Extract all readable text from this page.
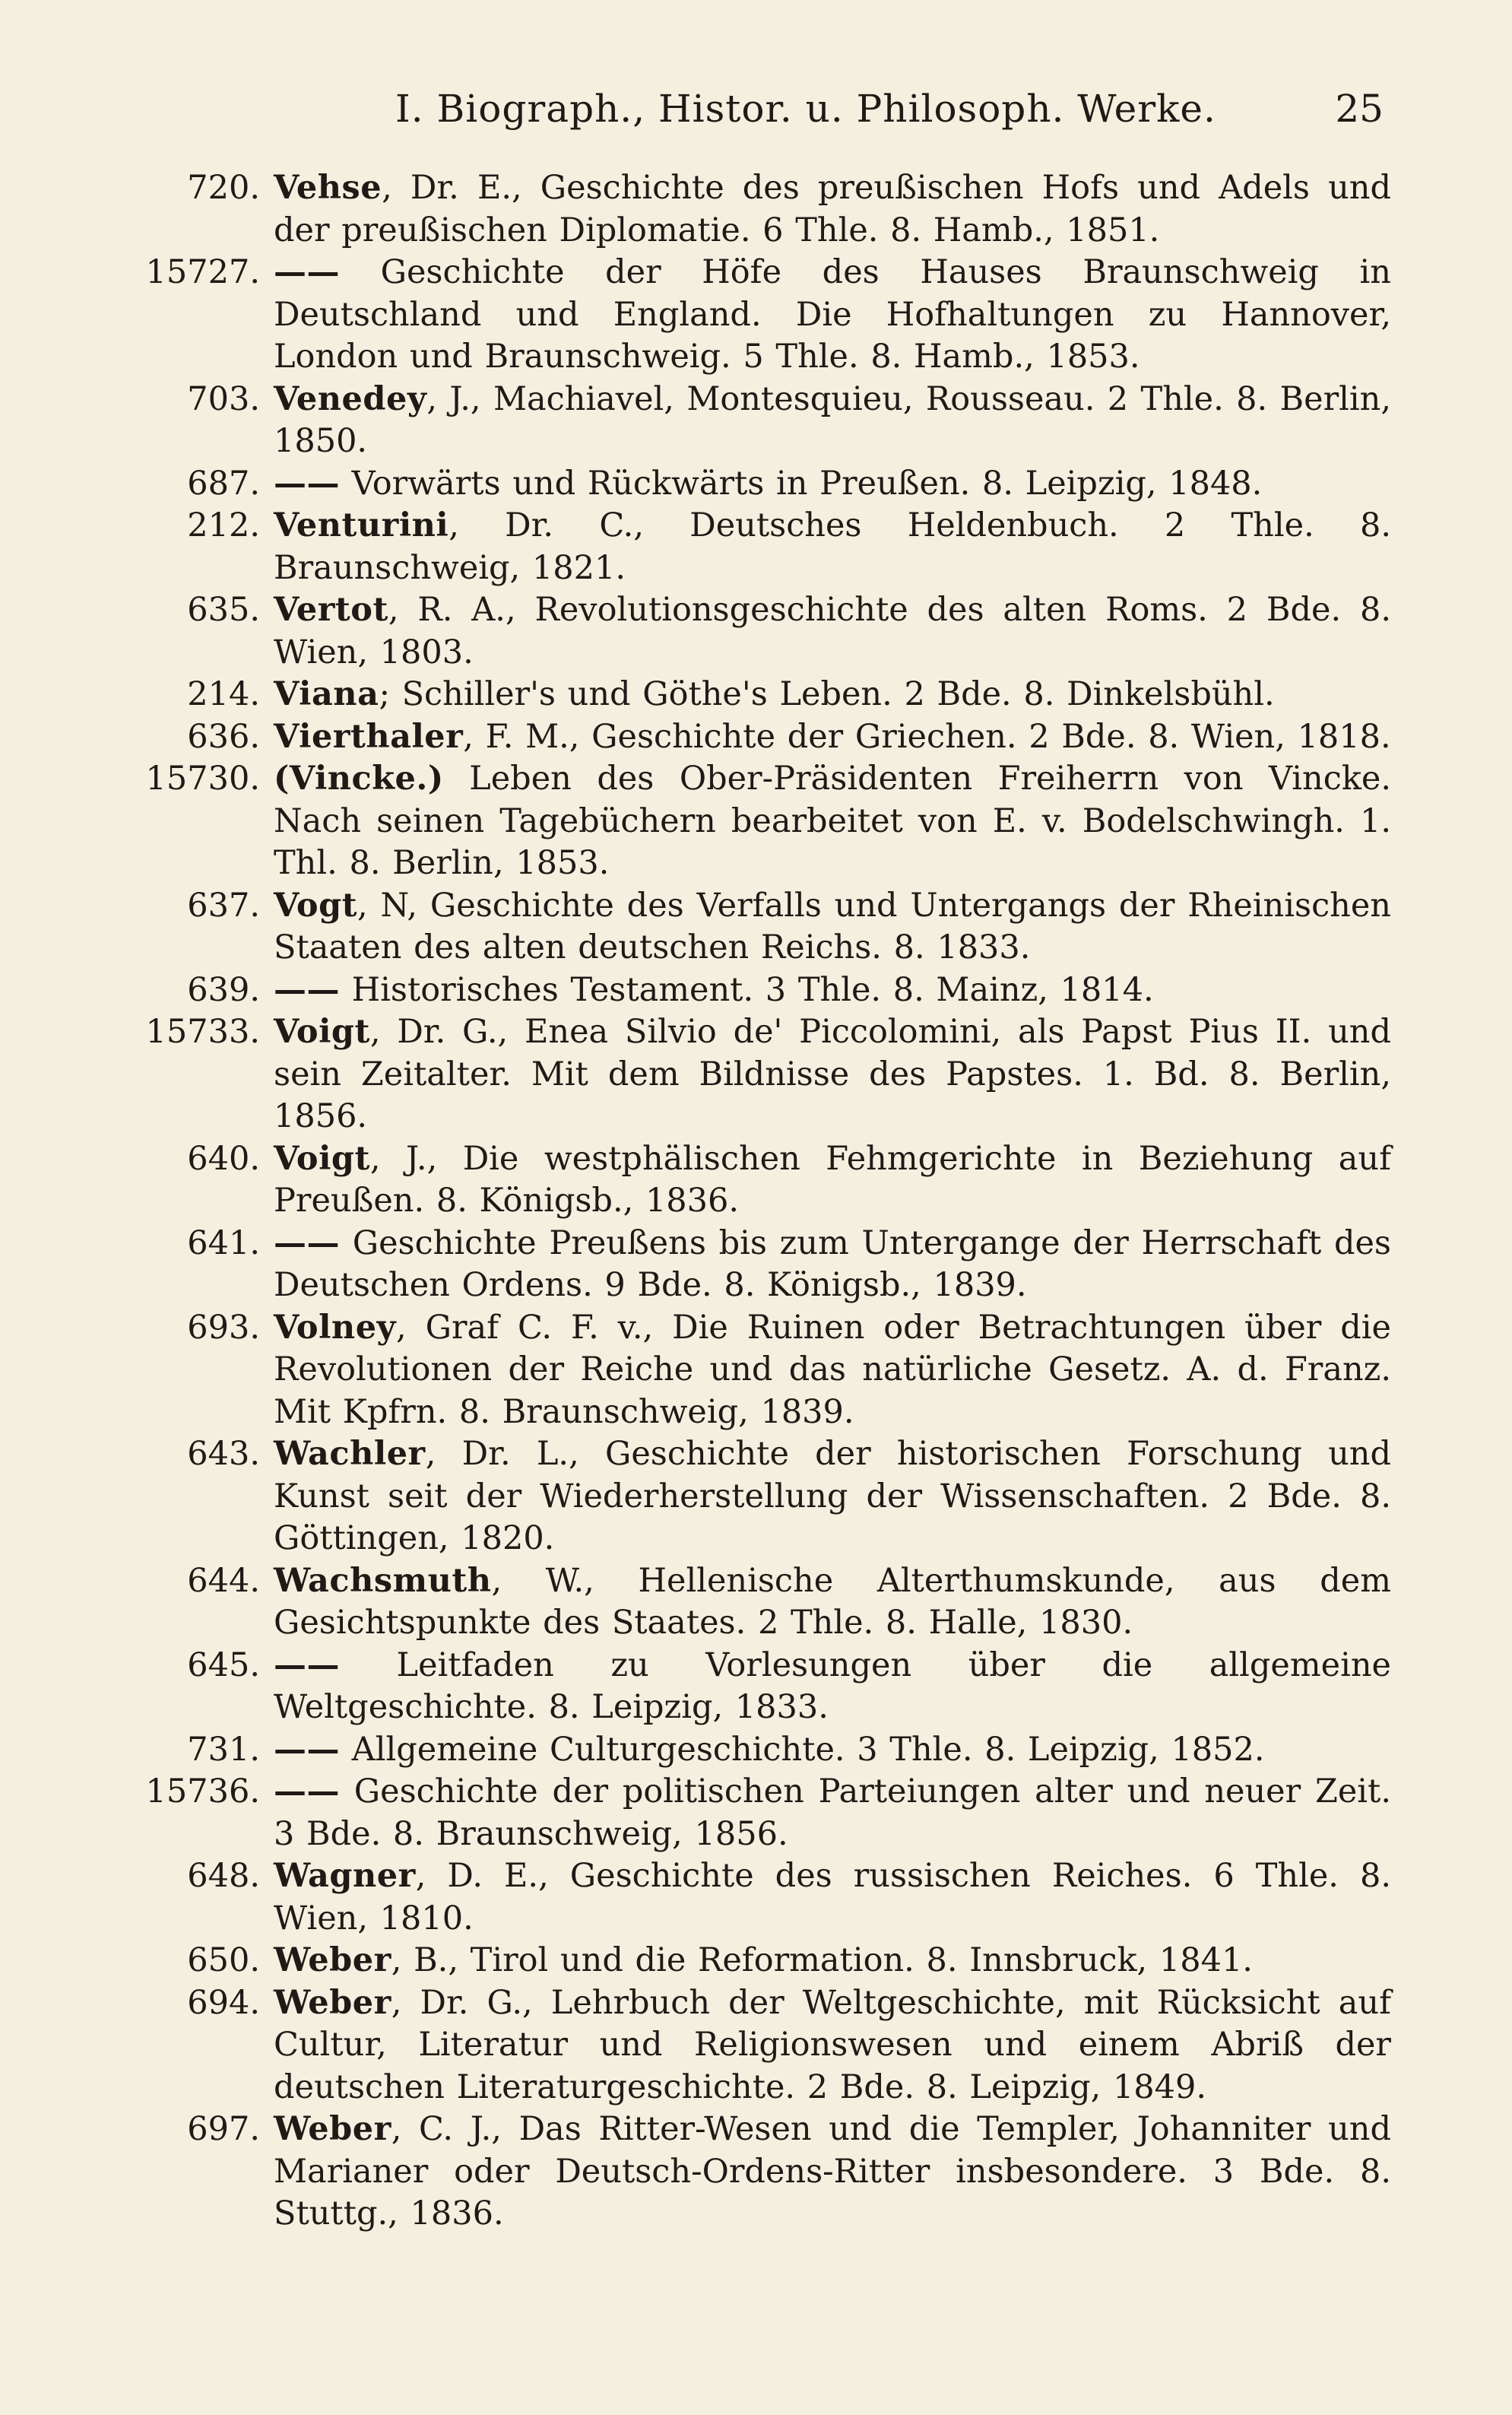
I. Biograph., Histor. u. Philosoph. Werke.	25
720. Vehse, Dr. E., Geschichte des preußischen Hofs und Adels und der preußischen Diplomatie. 6 Thle. 8. Hamb., 1851.
15727. —— Geschichte der Höfe des Hauses Braunschweig in Deutschland und England. Die Hofhaltungen zu Hannover, London und Braunschweig. 5 Thle. 8. Hamb., 1853.
703. Venedey, J., Machiavel, Montesquieu, Rousseau. 2 Thle. 8. Berlin, 1850.
687. —— Vorwärts und Rückwärts in Preußen. 8. Leipzig, 1848.
212. Venturini, Dr. C., Deutsches Heldenbuch. 2 Thle. 8. Braunschweig, 1821.
635. Vertot, R. A., Revolutionsgeschichte des alten Roms. 2 Bde. 8. Wien, 1803.
214. Viana; Schiller's und Göthe's Leben. 2 Bde. 8. Dinkelsbühl.
636. Vierthaler, F. M., Geschichte der Griechen. 2 Bde. 8. Wien, 1818.
15730. (Vincke.) Leben des Ober-Präsidenten Freiherrn von Vincke. Nach seinen Tagebüchern bearbeitet von E. v. Bodelschwingh. 1. Thl. 8. Berlin, 1853.
637. Vogt, N, Geschichte des Verfalls und Untergangs der Rheinischen Staaten des alten deutschen Reichs. 8. 1833.
639. —— Historisches Testament. 3 Thle. 8. Mainz, 1814.
15733. Voigt, Dr. G., Enea Silvio de' Piccolomini, als Papst Pius II. und sein Zeitalter. Mit dem Bildnisse des Papstes. 1. Bd. 8. Berlin, 1856.
640. Voigt, J., Die westphälischen Fehmgerichte in Beziehung auf Preußen. 8. Königsb., 1836.
641. —— Geschichte Preußens bis zum Untergange der Herrschaft des Deutschen Ordens. 9 Bde. 8. Königsb., 1839.
693. Volney, Graf C. F. v., Die Ruinen oder Betrachtungen über die Revolutionen der Reiche und das natürliche Gesetz. A. d. Franz. Mit Kpfrn. 8. Braunschweig, 1839.
643. Wachler, Dr. L., Geschichte der historischen Forschung und Kunst seit der Wiederherstellung der Wissenschaften. 2 Bde. 8. Göttingen, 1820.
644. Wachsmuth, W., Hellenische Alterthumskunde, aus dem Gesichtspunkte des Staates. 2 Thle. 8. Halle, 1830.
645. —— Leitfaden zu Vorlesungen über die allgemeine Weltgeschichte. 8. Leipzig, 1833.
731. —— Allgemeine Culturgeschichte. 3 Thle. 8. Leipzig, 1852.
15736. —— Geschichte der politischen Parteiungen alter und neuer Zeit. 3 Bde. 8. Braunschweig, 1856.
648. Wagner, D. E., Geschichte des russischen Reiches. 6 Thle. 8. Wien, 1810.
650. Weber, B., Tirol und die Reformation. 8. Innsbruck, 1841.
694. Weber, Dr. G., Lehrbuch der Weltgeschichte, mit Rücksicht auf Cultur, Literatur und Religionswesen und einem Abriß der deutschen Literaturgeschichte. 2 Bde. 8. Leipzig, 1849.
697. Weber, C. J., Das Ritter-Wesen und die Templer, Johanniter und Marianer oder Deutsch-Ordens-Ritter insbesondere. 3 Bde. 8. Stuttg., 1836.
